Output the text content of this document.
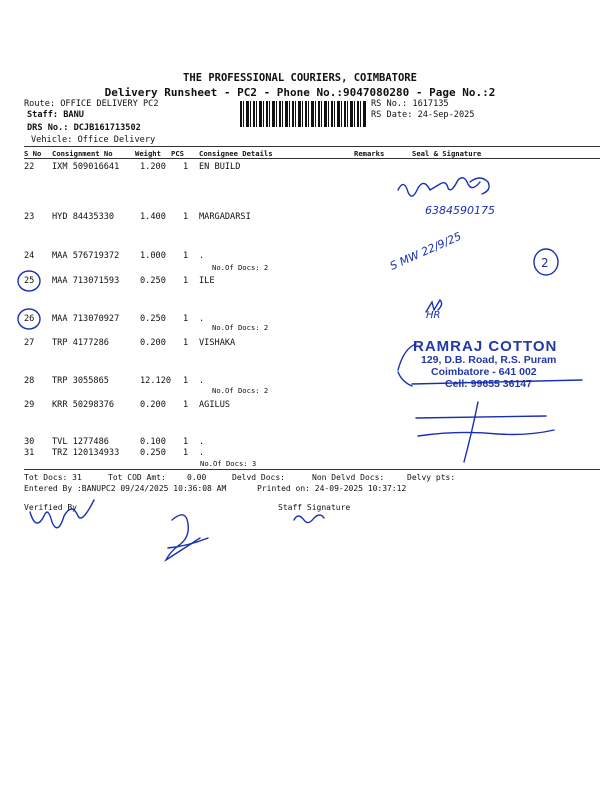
THE PROFESSIONAL COURIERS, COIMBATORE
Delivery Runsheet - PC2 - Phone No.:9047080280 - Page No.:2
Route: OFFICE DELIVERY PC2
Staff: BANU
DRS No.: DCJB161713502
Vehicle: Office Delivery
RS No.: 1617135
RS Date: 24-Sep-2025
S No Consignment No	Weight PCS Consignee Details	Remarks	Seal & Signature
22 IXM 509016641 1.200 1 EN BUILD
23 HYD 84435330	1.400 1 MARGADARSI
24 MAA 576719372 1.000 1 .
No.Of Docs: 2
25 MAA 713071593 0.250 1 ILE
26 MAA 713070927 0.250 1 .
No.Of Docs: 2
27 TRP 4177286	0.200 1 VISHAKA
28 TRP 3055865	12.120 1 .
No.Of Docs: 2
29 KRR 50298376	0.200 1 AGILUS
30 TVL 1277486	0.100 1 .
31 TRZ 120134933 0.250 1 .
No.Of Docs: 3
Tot Docs: 31	Tot COD Amt:	0.00	Delvd Docs:	Non Delvd Docs:	Delvy pts:
Entered By :BANUPC2 09/24/2025 10:36:08 AM	Printed on: 24-09-2025 10:37:12
Verified By	Staff Signature
RAMRAJ COTTON
129, D.B. Road, R.S. Puram
Coimbatore - 641 002
Cell: 99655 36147
6384590175
S MW 22/9/25	2
HR
